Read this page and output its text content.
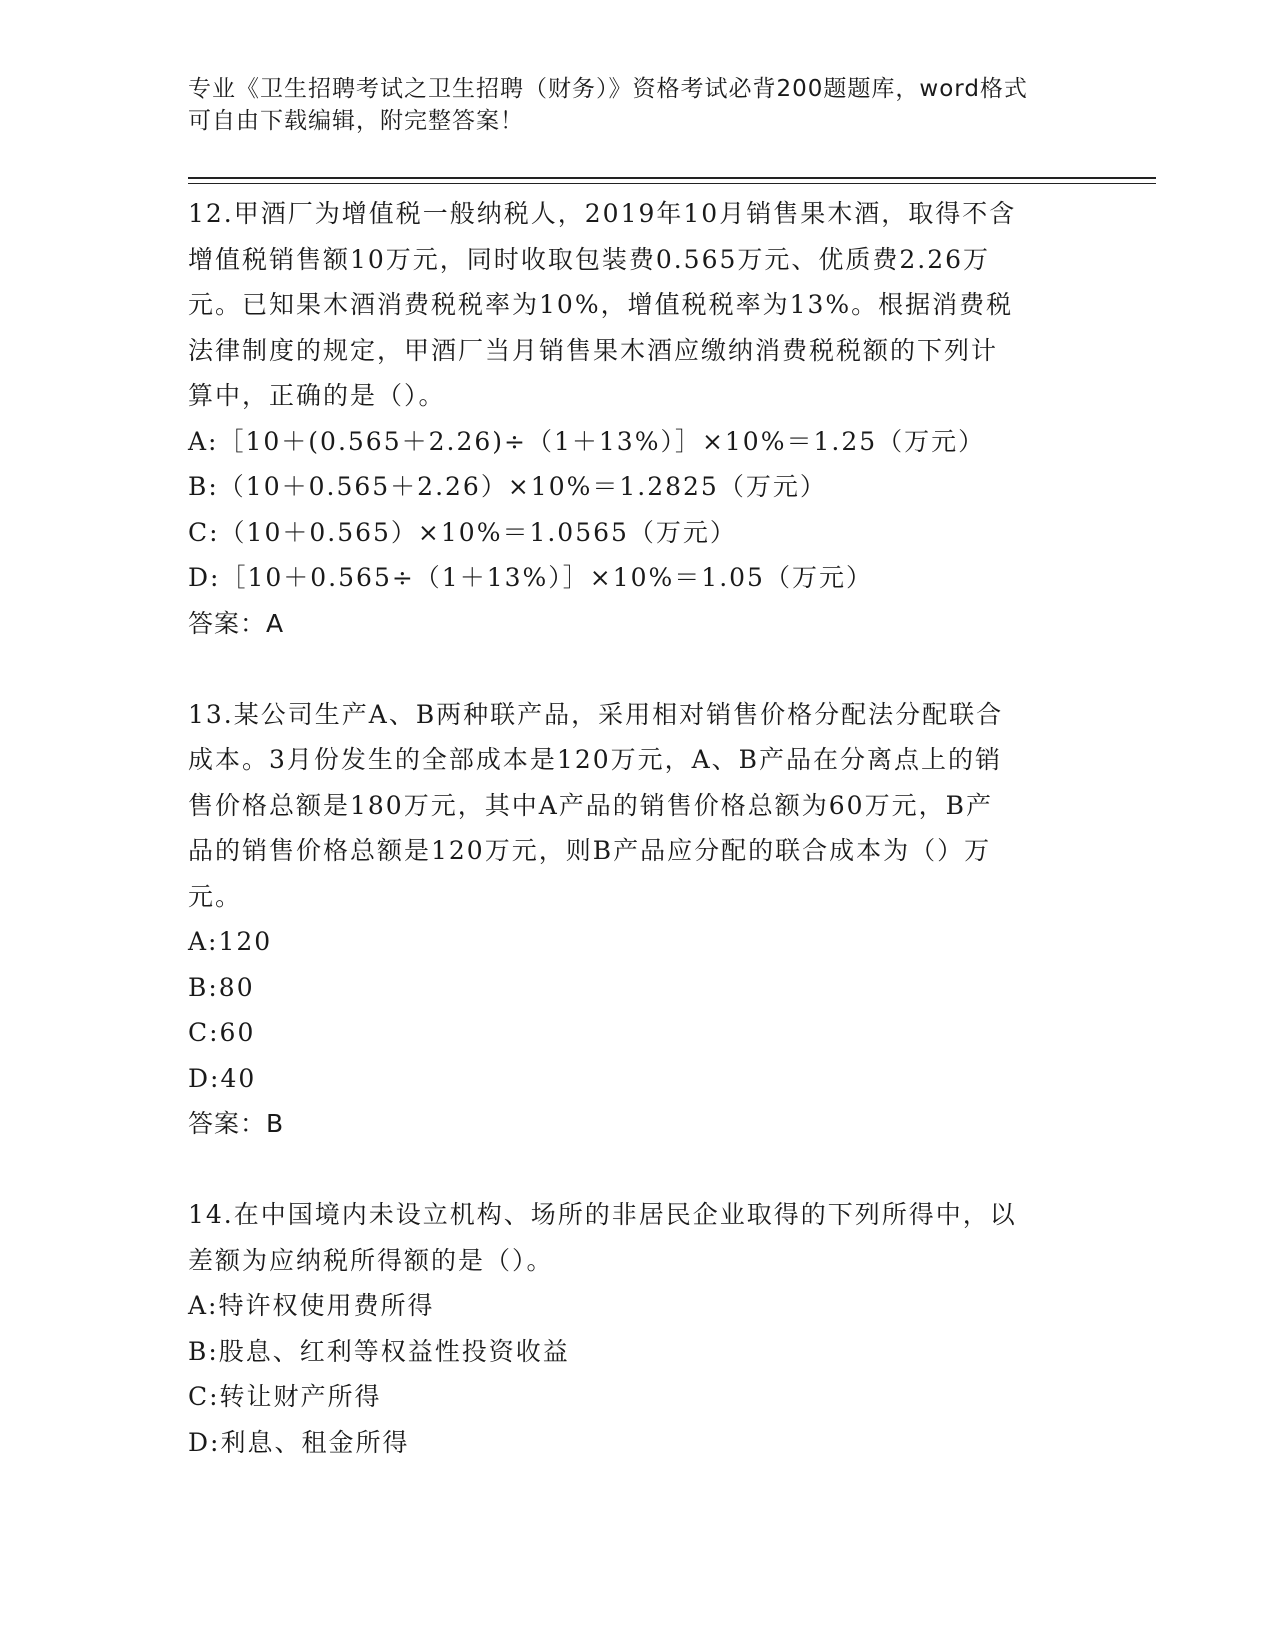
专业《卫生招聘考试之卫生招聘（财务）》资格考试必背200题题库，word格式
可自由下载编辑，附完整答案！
12.甲酒厂为增值税一般纳税人，2019年10月销售果木酒，取得不含
增值税销售额10万元，同时收取包装费0.565万元、优质费2.26万
元。已知果木酒消费税税率为10%，增值税税率为13%。根据消费税
法律制度的规定，甲酒厂当月销售果木酒应缴纳消费税税额的下列计
算中，正确的是（）。
A:［10＋(0.565＋2.26)÷（1＋13%）］×10%＝1.25（万元）
B:（10＋0.565＋2.26）×10%＝1.2825（万元）
C:（10＋0.565）×10%＝1.0565（万元）
D:［10＋0.565÷（1＋13%）］×10%＝1.05（万元）
答案：A
13.某公司生产A、B两种联产品，采用相对销售价格分配法分配联合
成本。3月份发生的全部成本是120万元，A、B产品在分离点上的销
售价格总额是180万元，其中A产品的销售价格总额为60万元，B产
品的销售价格总额是120万元，则B产品应分配的联合成本为（）万
元。
A:120
B:80
C:60
D:40
答案：B
14.在中国境内未设立机构、场所的非居民企业取得的下列所得中，以
差额为应纳税所得额的是（）。
A:特许权使用费所得
B:股息、红利等权益性投资收益
C:转让财产所得
D:利息、租金所得
